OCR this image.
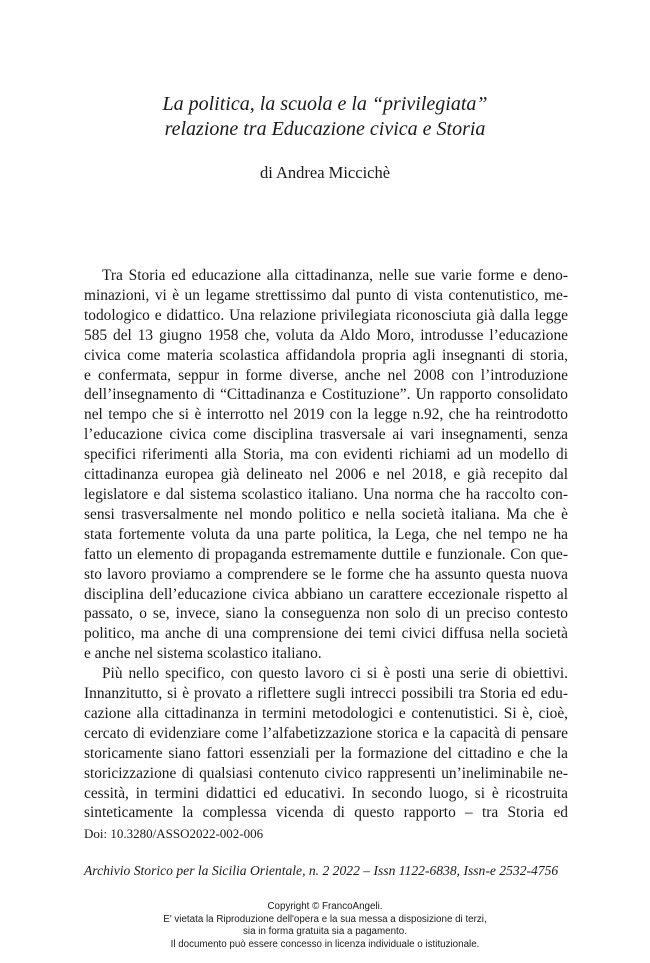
La politica, la scuola e la “privilegiata”
relazione tra Educazione civica e Storia
di Andrea Miccichè
Tra Storia ed educazione alla cittadinanza, nelle sue varie forme e deno-
minazioni, vi è un legame strettissimo dal punto di vista contenutistico, me-
todologico e didattico. Una relazione privilegiata riconosciuta già dalla legge
585 del 13 giugno 1958 che, voluta da Aldo Moro, introdusse l’educazione
civica come materia scolastica affidandola propria agli insegnanti di storia,
e confermata, seppur in forme diverse, anche nel 2008 con l’introduzione
dell’insegnamento di “Cittadinanza e Costituzione”. Un rapporto consolidato
nel tempo che si è interrotto nel 2019 con la legge n.92, che ha reintrodotto
l’educazione civica come disciplina trasversale ai vari insegnamenti, senza
specifici riferimenti alla Storia, ma con evidenti richiami ad un modello di
cittadinanza europea già delineato nel 2006 e nel 2018, e già recepito dal
legislatore e dal sistema scolastico italiano. Una norma che ha raccolto con-
sensi trasversalmente nel mondo politico e nella società italiana. Ma che è
stata fortemente voluta da una parte politica, la Lega, che nel tempo ne ha
fatto un elemento di propaganda estremamente duttile e funzionale. Con que-
sto lavoro proviamo a comprendere se le forme che ha assunto questa nuova
disciplina dell’educazione civica abbiano un carattere eccezionale rispetto al
passato, o se, invece, siano la conseguenza non solo di un preciso contesto
politico, ma anche di una comprensione dei temi civici diffusa nella società
e anche nel sistema scolastico italiano.
Più nello specifico, con questo lavoro ci si è posti una serie di obiettivi.
Innanzitutto, si è provato a riflettere sugli intrecci possibili tra Storia ed edu-
cazione alla cittadinanza in termini metodologici e contenutistici. Si è, cioè,
cercato di evidenziare come l’alfabetizzazione storica e la capacità di pensare
storicamente siano fattori essenziali per la formazione del cittadino e che la
storicizzazione di qualsiasi contenuto civico rappresenti un’ineliminabile ne-
cessità, in termini didattici ed educativi. In secondo luogo, si è ricostruita
sinteticamente la complessa vicenda di questo rapporto – tra Storia ed
Doi: 10.3280/ASSO2022-002-006
Archivio Storico per la Sicilia Orientale, n. 2 2022 – Issn 1122-6838, Issn-e 2532-4756
Copyright © FrancoAngeli.
E' vietata la Riproduzione dell'opera e la sua messa a disposizione di terzi,
sia in forma gratuita sia a pagamento.
Il documento può essere concesso in licenza individuale o istituzionale.
